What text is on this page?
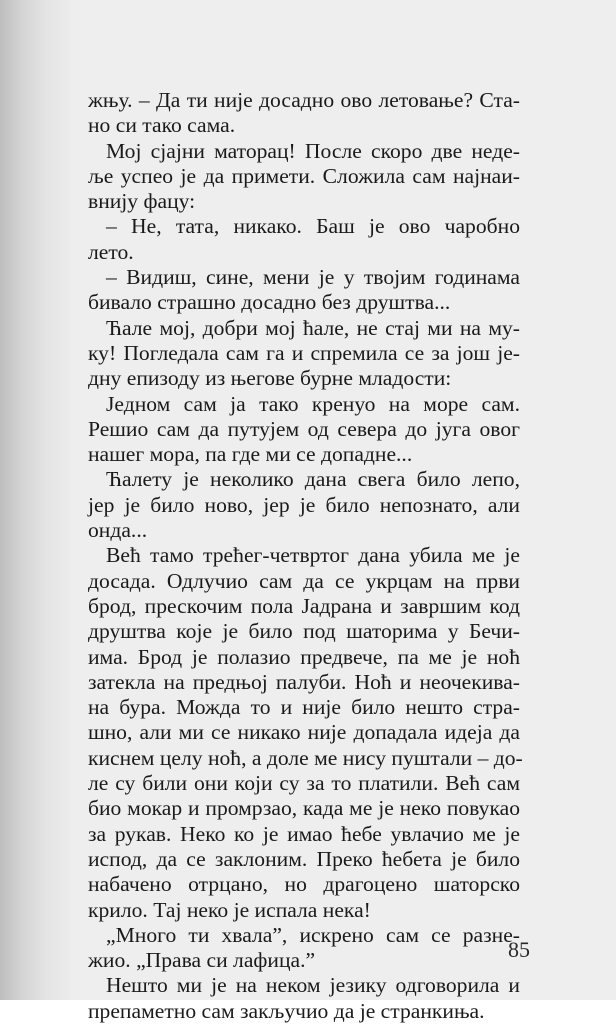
жњу. – Да ти није досадно ово летовање? Ста-
но си тако сама.
Мој сјајни маторац! После скоро две неде-
ље успео је да примети. Сложила сам најнаи-
внију фацу:
– Не, тата, никако. Баш је ово чаробно
лето.
– Видиш, сине, мени је у твојим годинама
бивало страшно досадно без друштва...
Ћале мој, добри мој ћале, не стај ми на му-
ку! Погледала сам га и спремила се за још је-
дну епизоду из његове бурне младости:
Једном сам ја тако кренуо на море сам.
Решио сам да путујем од севера до југа овог
нашег мора, па где ми се допадне...
Ћалету је неколико дана свега било лепо,
јер је било ново, јер је било непознато, али
онда...
Већ тамо трећег-четвртог дана убила ме је
досада. Одлучио сам да се укрцам на први
брод, прескочим пола Јадрана и завршим код
друштва које је било под шаторима у Бечи-
има. Брод је полазио предвече, па ме је ноћ
затекла на предњој палуби. Ноћ и неочекива-
на бура. Можда то и није било нешто стра-
шно, али ми се никако није допадала идеја да
киснем целу ноћ, а доле ме нису пуштали – до-
ле су били они који су за то платили. Већ сам
био мокар и промрзао, када ме је неко повукао
за рукав. Неко ко је имао ћебе увлачио ме је
испод, да се заклоним. Преко ћебета је било
набачено отрцано, но драгоцено шаторско
крило. Тај неко је испала нека!
„Много ти хвала”, искрено сам се разне-
жио. „Права си лафица.”
Нешто ми је на неком језику одговорила и
препаметно сам закључио да је странкиња.
85
